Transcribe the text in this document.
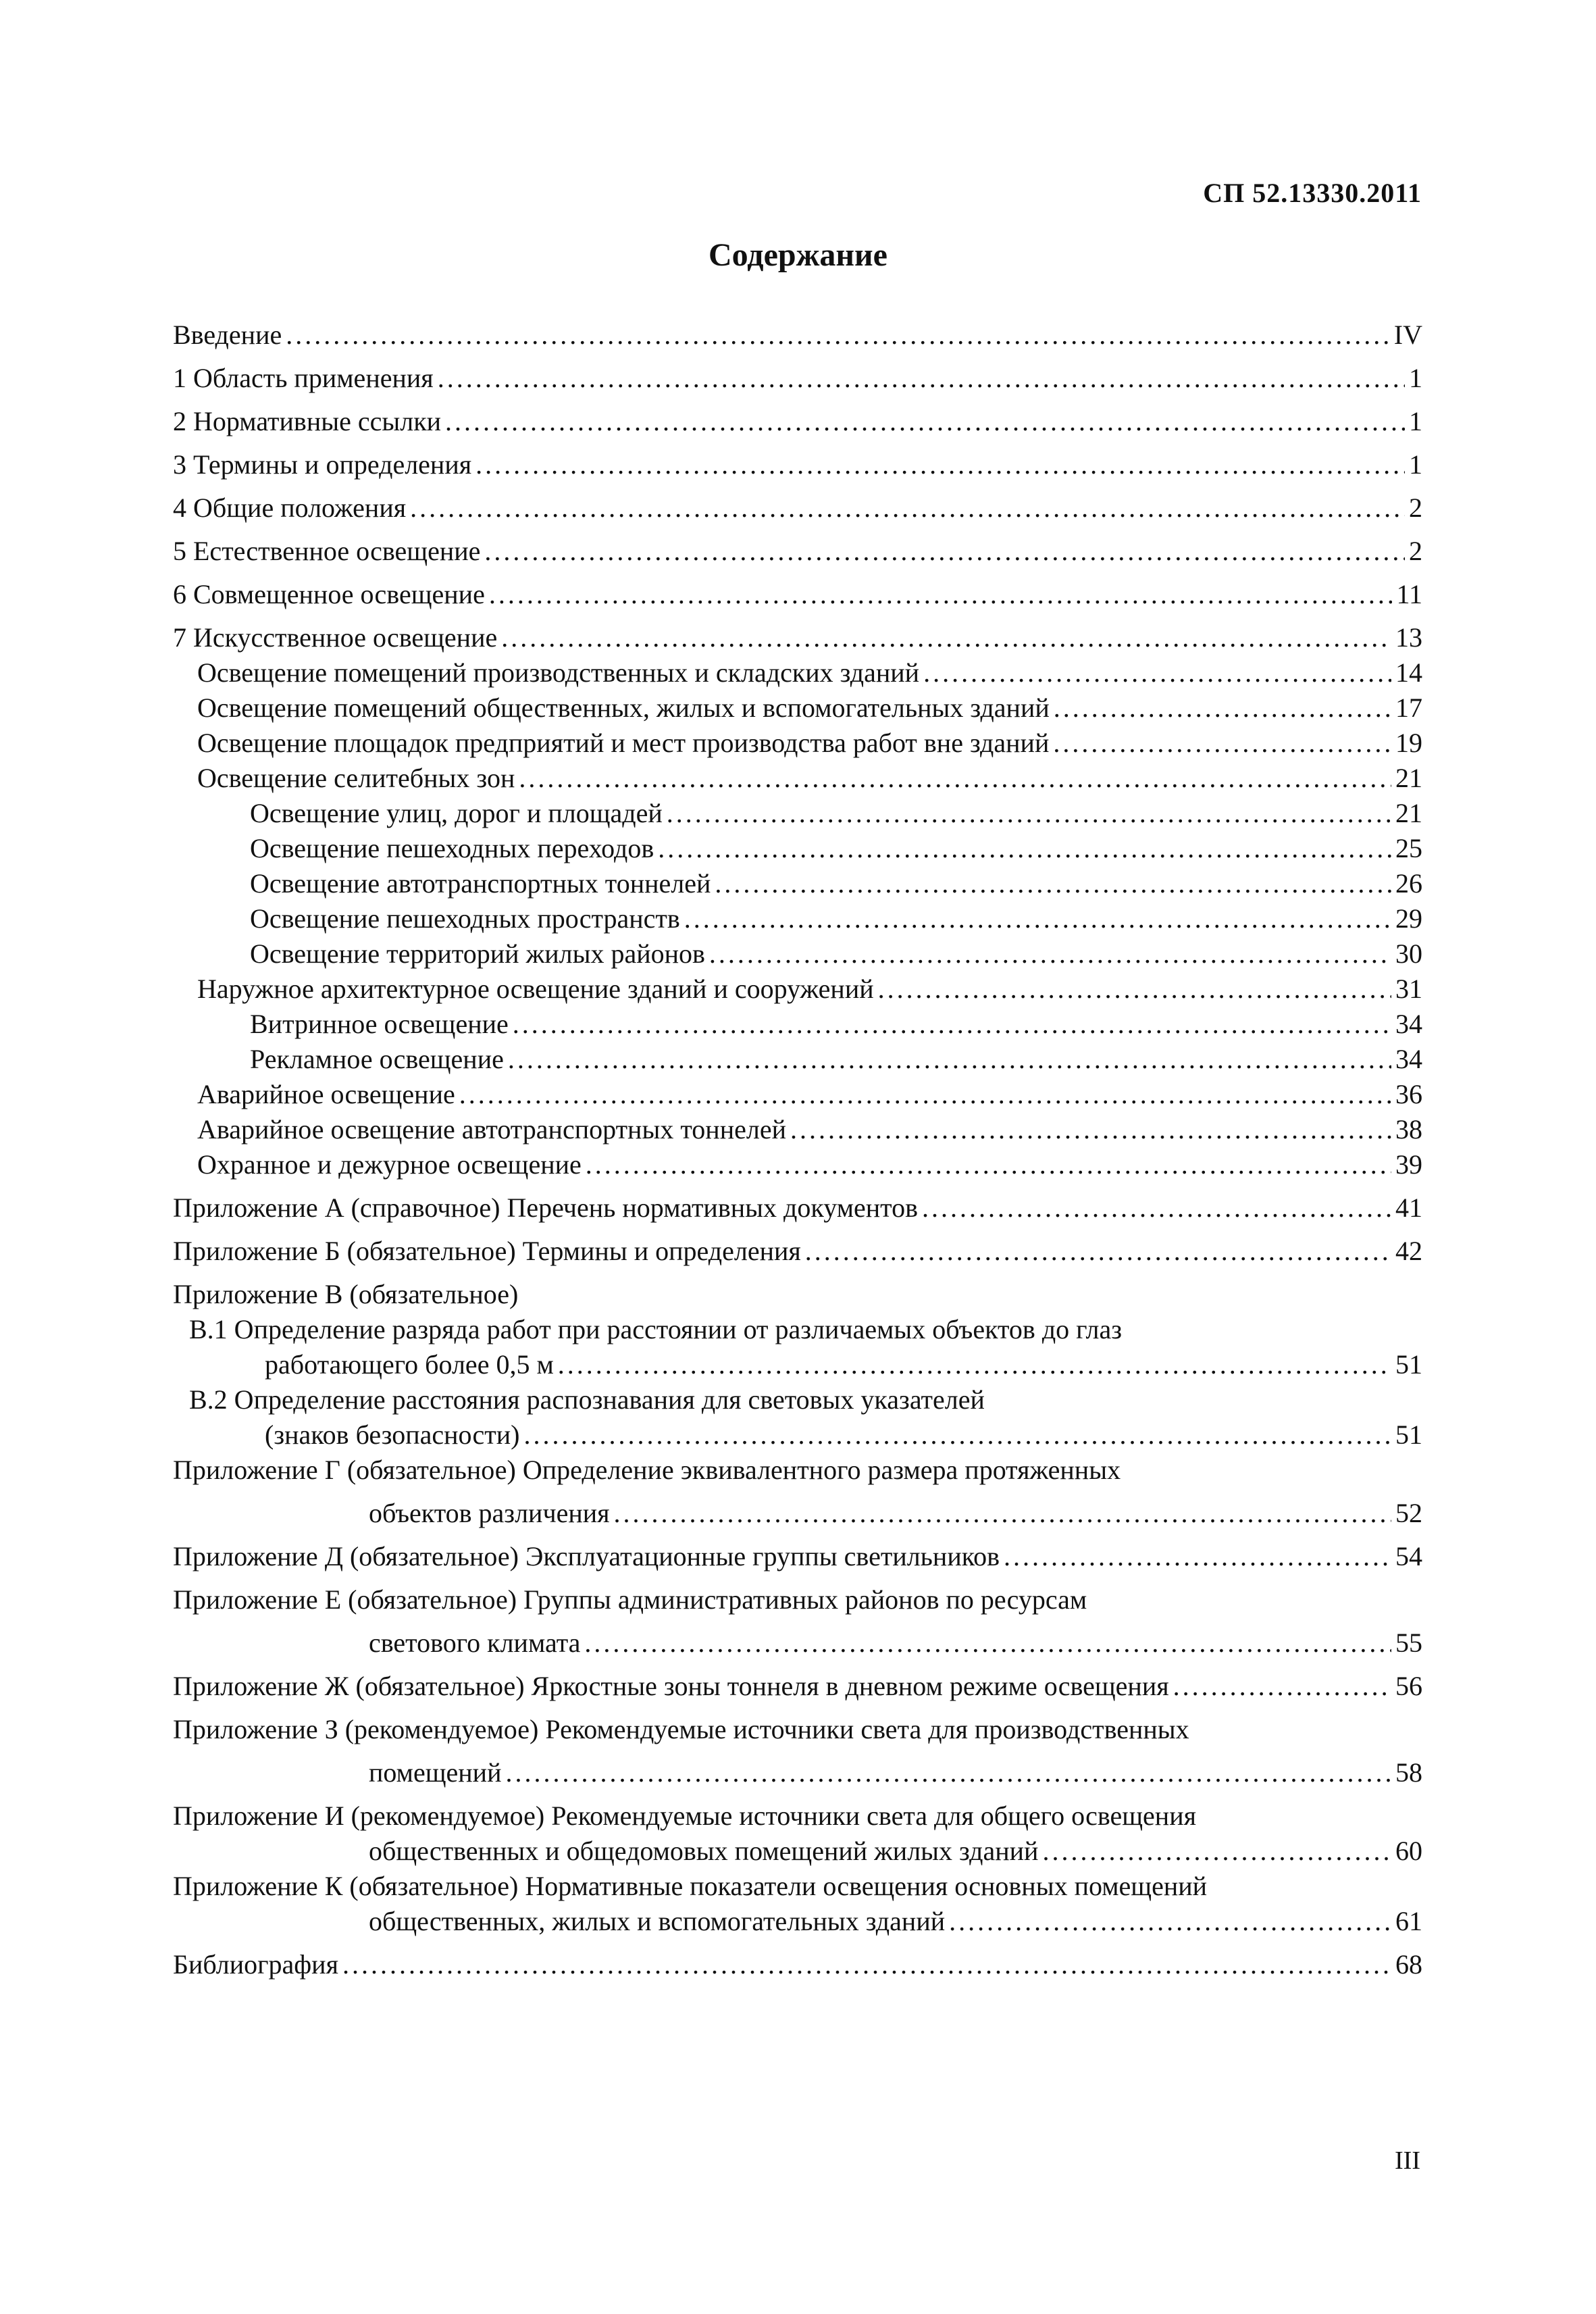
СП 52.13330.2011
Содержание
Введение .....	IV
1 Область применения .....	1
2 Нормативные ссылки .....	1
3 Термины и определения .....	1
4 Общие положения .....	2
5 Естественное освещение .....	2
6 Совмещенное освещение .....	11
7 Искусственное освещение .....	13
Освещение помещений производственных и складских зданий .....	14
Освещение помещений общественных, жилых и вспомогательных зданий .....	17
Освещение площадок предприятий и мест производства работ вне зданий .....	19
Освещение селитебных зон .....	21
Освещение улиц, дорог и площадей .....	21
Освещение пешеходных переходов .....	25
Освещение автотранспортных тоннелей .....	26
Освещение пешеходных пространств .....	29
Освещение территорий жилых районов .....	30
Наружное архитектурное освещение зданий и сооружений .....	31
Витринное освещение .....	34
Рекламное освещение .....	34
Аварийное освещение .....	36
Аварийное освещение автотранспортных тоннелей .....	38
Охранное и дежурное освещение .....	39
Приложение А (справочное) Перечень нормативных документов .....	41
Приложение Б (обязательное) Термины и определения .....	42
Приложение В (обязательное)
В.1 Определение разряда работ при расстоянии от различаемых объектов до глаз
работающего более 0,5 м .....	51
В.2 Определение расстояния распознавания для световых указателей
(знаков безопасности) .....	51
Приложение Г (обязательное) Определение эквивалентного размера протяженных
объектов различения .....	52
Приложение Д (обязательное) Эксплуатационные группы светильников .....	54
Приложение Е (обязательное) Группы административных районов по ресурсам
светового климата .....	55
Приложение Ж (обязательное) Яркостные зоны тоннеля в дневном режиме освещения .....	56
Приложение З (рекомендуемое) Рекомендуемые источники света для производственных
помещений .....	58
Приложение И (рекомендуемое) Рекомендуемые источники света для общего освещения
общественных и общедомовых помещений жилых зданий .....	60
Приложение К (обязательное) Нормативные показатели освещения основных помещений
общественных, жилых и вспомогательных зданий .....	61
Библиография .....	68
III
